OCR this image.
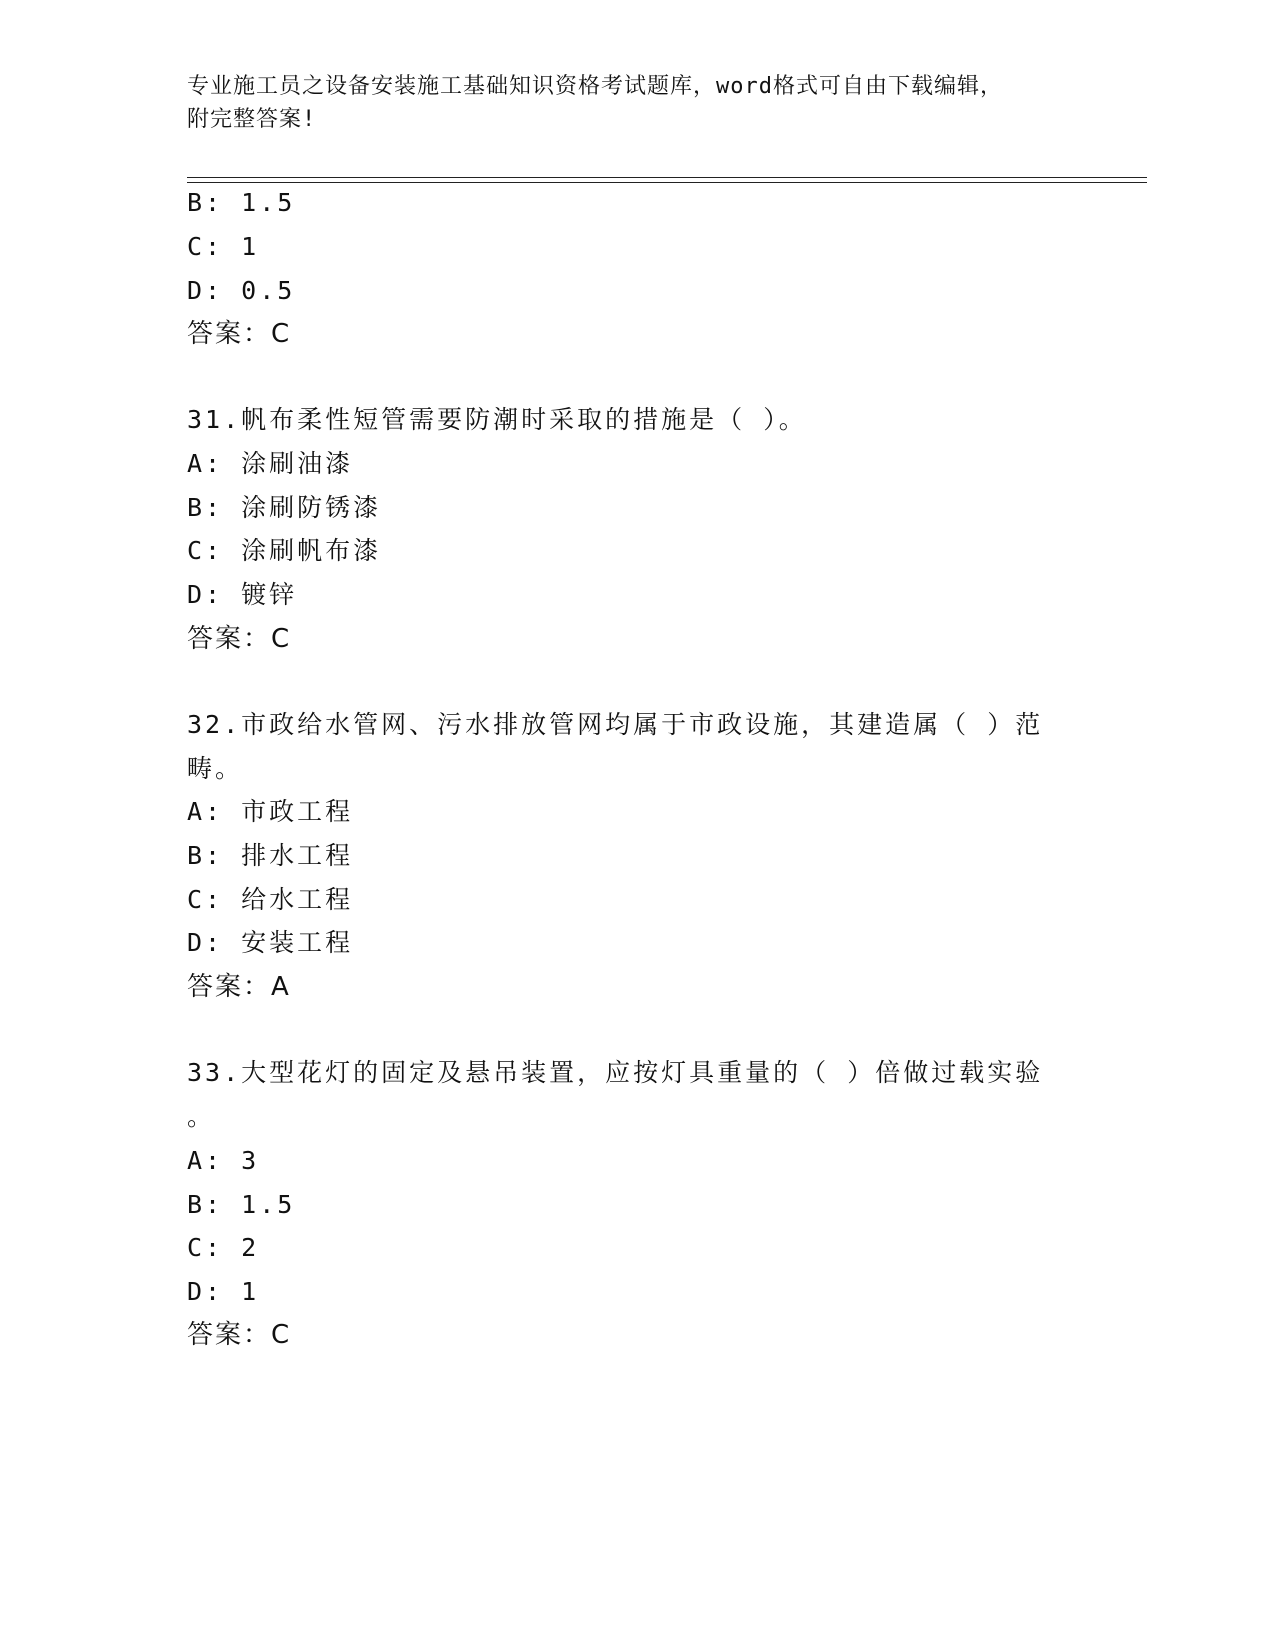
专业施工员之设备安装施工基础知识资格考试题库，word格式可自由下载编辑，
附完整答案!
B: 1.5
C: 1
D: 0.5
答案：C
31.帆布柔性短管需要防潮时采取的措施是（ ）。
A: 涂刷油漆
B: 涂刷防锈漆
C: 涂刷帆布漆
D: 镀锌
答案：C
32.市政给水管网、污水排放管网均属于市政设施，其建造属（ ）范
畴。
A: 市政工程
B: 排水工程
C: 给水工程
D: 安装工程
答案：A
33.大型花灯的固定及悬吊装置，应按灯具重量的（ ）倍做过载实验
。
A: 3
B: 1.5
C: 2
D: 1
答案：C
